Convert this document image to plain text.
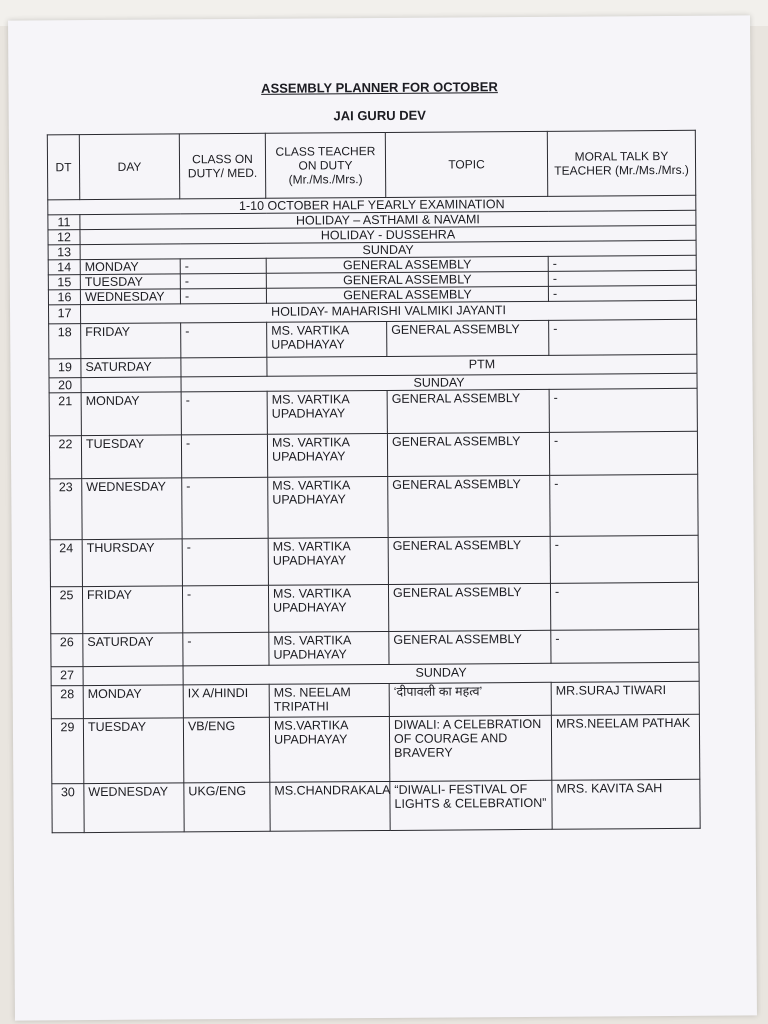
ASSEMBLY PLANNER FOR OCTOBER
JAI GURU DEV
DT	DAY	CLASS ON DUTY/ MED.	CLASS TEACHER ON DUTY (Mr./Ms./Mrs.)	TOPIC	MORAL TALK BY TEACHER (Mr./Ms./Mrs.)
1-10 OCTOBER HALF YEARLY EXAMINATION					
11	HOLIDAY – ASTHAMI & NAVAMI				
12	HOLIDAY - DUSSEHRA				
13	SUNDAY				
14	MONDAY	-	GENERAL ASSEMBLY		-
15	TUESDAY	-	GENERAL ASSEMBLY		-
16	WEDNESDAY	-	GENERAL ASSEMBLY		-
17	HOLIDAY- MAHARISHI VALMIKI JAYANTI				
18	FRIDAY	-	MS. VARTIKA UPADHAYAY	GENERAL ASSEMBLY	-
19	SATURDAY		PTM		
20		SUNDAY			
21	MONDAY	-	MS. VARTIKA UPADHAYAY	GENERAL ASSEMBLY	-
22	TUESDAY	-	MS. VARTIKA UPADHAYAY	GENERAL ASSEMBLY	-
23	WEDNESDAY	-	MS. VARTIKA UPADHAYAY	GENERAL ASSEMBLY	-
24	THURSDAY	-	MS. VARTIKA UPADHAYAY	GENERAL ASSEMBLY	-
25	FRIDAY	-	MS. VARTIKA UPADHAYAY	GENERAL ASSEMBLY	-
26	SATURDAY	-	MS. VARTIKA UPADHAYAY	GENERAL ASSEMBLY	-
27		SUNDAY			
28	MONDAY	IX A/HINDI	MS. NEELAM TRIPATHI	‘दीपावली का महत्व’	MR.SURAJ TIWARI
29	TUESDAY	VB/ENG	MS.VARTIKA UPADHAYAY	DIWALI: A CELEBRATION OF COURAGE AND BRAVERY	MRS.NEELAM PATHAK
30	WEDNESDAY	UKG/ENG	MS.CHANDRAKALA	“DIWALI- FESTIVAL OF LIGHTS & CELEBRATION”	MRS. KAVITA SAH
